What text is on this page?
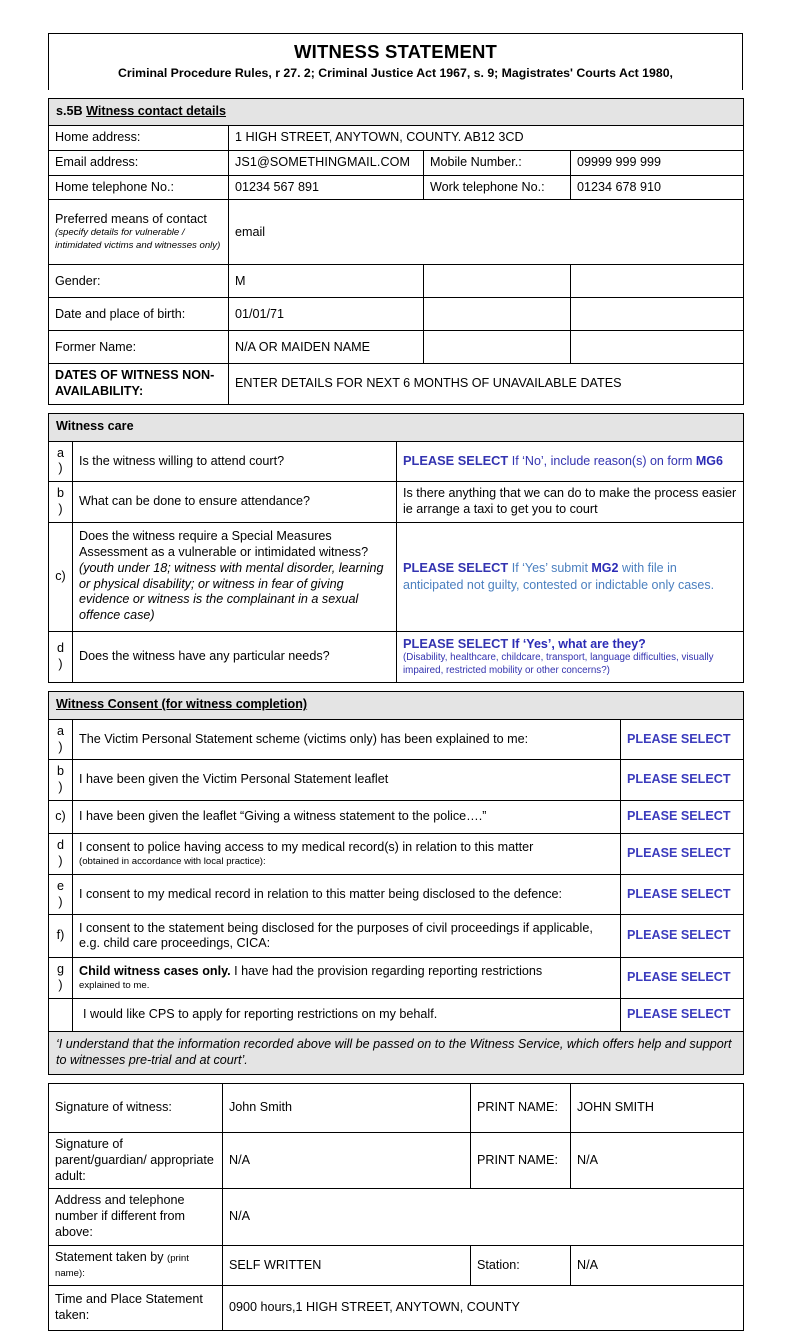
WITNESS STATEMENT
Criminal Procedure Rules, r 27. 2; Criminal Justice Act 1967, s. 9; Magistrates' Courts Act 1980,
s.5B Witness contact details			
Home address:	1 HIGH STREET, ANYTOWN, COUNTY. AB12 3CD		
Email address:	JS1@SOMETHINGMAIL.COM	Mobile Number.:	09999 999 999
Home telephone No.:	01234 567 891	Work telephone No.:	01234 678 910
Preferred means of contact
(specify details for vulnerable / intimidated victims and witnesses only)	email		
Gender:	M		
Date and place of birth:	01/01/71		
Former Name:	N/A OR MAIDEN NAME		
DATES OF WITNESS NON-AVAILABILITY:	ENTER DETAILS FOR NEXT 6 MONTHS OF UNAVAILABLE DATES		
Witness care		
a)	Is the witness willing to attend court?	PLEASE SELECT If ‘No’, include reason(s) on form MG6
b)	What can be done to ensure attendance?	Is there anything that we can do to make the process easier ie arrange a taxi to get you to court
c)	Does the witness require a Special Measures Assessment as a vulnerable or intimidated witness? (youth under 18; witness with mental disorder, learning or physical disability; or witness in fear of giving evidence or witness is the complainant in a sexual offence case)	PLEASE SELECT If ‘Yes’ submit MG2 with file in anticipated not guilty, contested or indictable only cases.
d)	Does the witness have any particular needs?	PLEASE SELECT If ‘Yes’, what are they?
(Disability, healthcare, childcare, transport, language difficulties, visually impaired, restricted mobility or other concerns?)
Witness Consent (for witness completion)		
a)	The Victim Personal Statement scheme (victims only) has been explained to me:	PLEASE SELECT
b)	I have been given the Victim Personal Statement leaflet	PLEASE SELECT
c)	I have been given the leaflet “Giving a witness statement to the police….”	PLEASE SELECT
d)	I consent to police having access to my medical record(s) in relation to this matter
(obtained in accordance with local practice):	PLEASE SELECT
e)	I consent to my medical record in relation to this matter being disclosed to the defence:	PLEASE SELECT
f)	I consent to the statement being disclosed for the purposes of civil proceedings if applicable, e.g. child care proceedings, CICA:	PLEASE SELECT
g)	Child witness cases only. I have had the provision regarding reporting restrictions
explained to me.	PLEASE SELECT
	I would like CPS to apply for reporting restrictions on my behalf.	PLEASE SELECT
‘I understand that the information recorded above will be passed on to the Witness Service, which offers help and support to witnesses pre-trial and at court’.		
Signature of witness:	John Smith	PRINT NAME:	JOHN SMITH
Signature of parent/guardian/ appropriate adult:	N/A	PRINT NAME:	N/A
Address and telephone number if different from above:	N/A		
Statement taken by (print name):	SELF WRITTEN	Station:	N/A
Time and Place Statement taken:	0900 hours,1 HIGH STREET, ANYTOWN, COUNTY		
